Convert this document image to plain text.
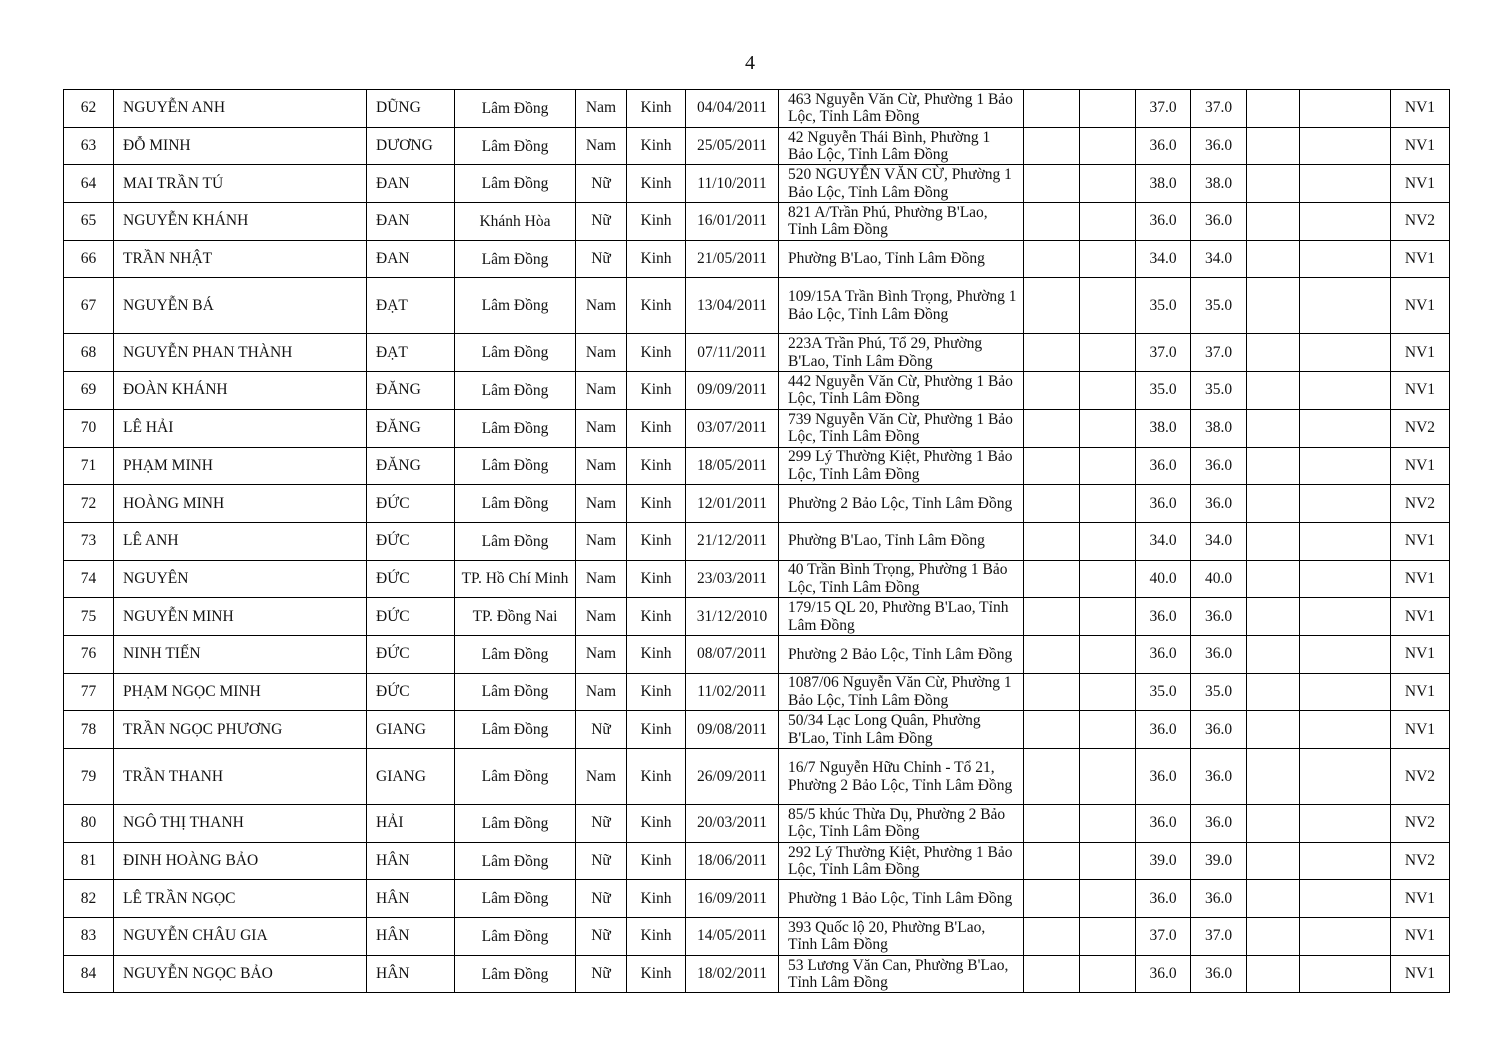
4
62	NGUYỄN ANH	DŨNG	Lâm Đồng	Nam	Kinh	04/04/2011	463 Nguyễn Văn Cừ, Phường 1 Bảo Lộc, Tỉnh Lâm Đồng			37.0	37.0			NV1
63	ĐỖ MINH	DƯƠNG	Lâm Đồng	Nam	Kinh	25/05/2011	42 Nguyễn Thái Bình, Phường 1 Bảo Lộc, Tỉnh Lâm Đồng			36.0	36.0			NV1
64	MAI TRẦN TÚ	ĐAN	Lâm Đồng	Nữ	Kinh	11/10/2011	520 NGUYỄN VĂN CỪ, Phường 1 Bảo Lộc, Tỉnh Lâm Đồng			38.0	38.0			NV1
65	NGUYỄN KHÁNH	ĐAN	Khánh Hòa	Nữ	Kinh	16/01/2011	821 A/Trần Phú, Phường B'Lao, Tỉnh Lâm Đồng			36.0	36.0			NV2
66	TRẦN NHẬT	ĐAN	Lâm Đồng	Nữ	Kinh	21/05/2011	Phường B'Lao, Tỉnh Lâm Đồng			34.0	34.0			NV1
67	NGUYỄN BÁ	ĐẠT	Lâm Đồng	Nam	Kinh	13/04/2011	109/15A Trần Bình Trọng, Phường 1 Bảo Lộc, Tỉnh Lâm Đồng			35.0	35.0			NV1
68	NGUYỄN PHAN THÀNH	ĐẠT	Lâm Đồng	Nam	Kinh	07/11/2011	223A Trần Phú, Tổ 29, Phường B'Lao, Tỉnh Lâm Đồng			37.0	37.0			NV1
69	ĐOÀN KHÁNH	ĐĂNG	Lâm Đồng	Nam	Kinh	09/09/2011	442 Nguyễn Văn Cừ, Phường 1 Bảo Lộc, Tỉnh Lâm Đồng			35.0	35.0			NV1
70	LÊ HẢI	ĐĂNG	Lâm Đồng	Nam	Kinh	03/07/2011	739 Nguyễn Văn Cừ, Phường 1 Bảo Lộc, Tỉnh Lâm Đồng			38.0	38.0			NV2
71	PHẠM MINH	ĐĂNG	Lâm Đồng	Nam	Kinh	18/05/2011	299 Lý Thường Kiệt, Phường 1 Bảo Lộc, Tỉnh Lâm Đồng			36.0	36.0			NV1
72	HOÀNG MINH	ĐỨC	Lâm Đồng	Nam	Kinh	12/01/2011	Phường 2 Bảo Lộc, Tỉnh Lâm Đồng			36.0	36.0			NV2
73	LÊ ANH	ĐỨC	Lâm Đồng	Nam	Kinh	21/12/2011	Phường B'Lao, Tỉnh Lâm Đồng			34.0	34.0			NV1
74	NGUYÊN	ĐỨC	TP. Hồ Chí Minh	Nam	Kinh	23/03/2011	40 Trần Bình Trọng, Phường 1 Bảo Lộc, Tỉnh Lâm Đồng			40.0	40.0			NV1
75	NGUYỄN MINH	ĐỨC	TP. Đồng Nai	Nam	Kinh	31/12/2010	179/15 QL 20, Phường B'Lao, Tỉnh Lâm Đồng			36.0	36.0			NV1
76	NINH TIẾN	ĐỨC	Lâm Đồng	Nam	Kinh	08/07/2011	Phường 2 Bảo Lộc, Tỉnh Lâm Đồng			36.0	36.0			NV1
77	PHẠM NGỌC MINH	ĐỨC	Lâm Đồng	Nam	Kinh	11/02/2011	1087/06 Nguyễn Văn Cừ, Phường 1 Bảo Lộc, Tỉnh Lâm Đồng			35.0	35.0			NV1
78	TRẦN NGỌC PHƯƠNG	GIANG	Lâm Đồng	Nữ	Kinh	09/08/2011	50/34 Lạc Long Quân, Phường B'Lao, Tỉnh Lâm Đồng			36.0	36.0			NV1
79	TRẦN THANH	GIANG	Lâm Đồng	Nam	Kinh	26/09/2011	16/7 Nguyễn Hữu Chỉnh - Tổ 21, Phường 2 Bảo Lộc, Tỉnh Lâm Đồng			36.0	36.0			NV2
80	NGÔ THỊ THANH	HẢI	Lâm Đồng	Nữ	Kinh	20/03/2011	85/5 khúc Thừa Dụ, Phường 2 Bảo Lộc, Tỉnh Lâm Đồng			36.0	36.0			NV2
81	ĐINH HOÀNG BẢO	HÂN	Lâm Đồng	Nữ	Kinh	18/06/2011	292 Lý Thường Kiệt, Phường 1 Bảo Lộc, Tỉnh Lâm Đồng			39.0	39.0			NV2
82	LÊ TRẦN NGỌC	HÂN	Lâm Đồng	Nữ	Kinh	16/09/2011	Phường 1 Bảo Lộc, Tỉnh Lâm Đồng			36.0	36.0			NV1
83	NGUYỄN CHÂU GIA	HÂN	Lâm Đồng	Nữ	Kinh	14/05/2011	393 Quốc lộ 20, Phường B'Lao, Tỉnh Lâm Đồng			37.0	37.0			NV1
84	NGUYỄN NGỌC BẢO	HÂN	Lâm Đồng	Nữ	Kinh	18/02/2011	53 Lương Văn Can, Phường B'Lao, Tỉnh Lâm Đồng			36.0	36.0			NV1
